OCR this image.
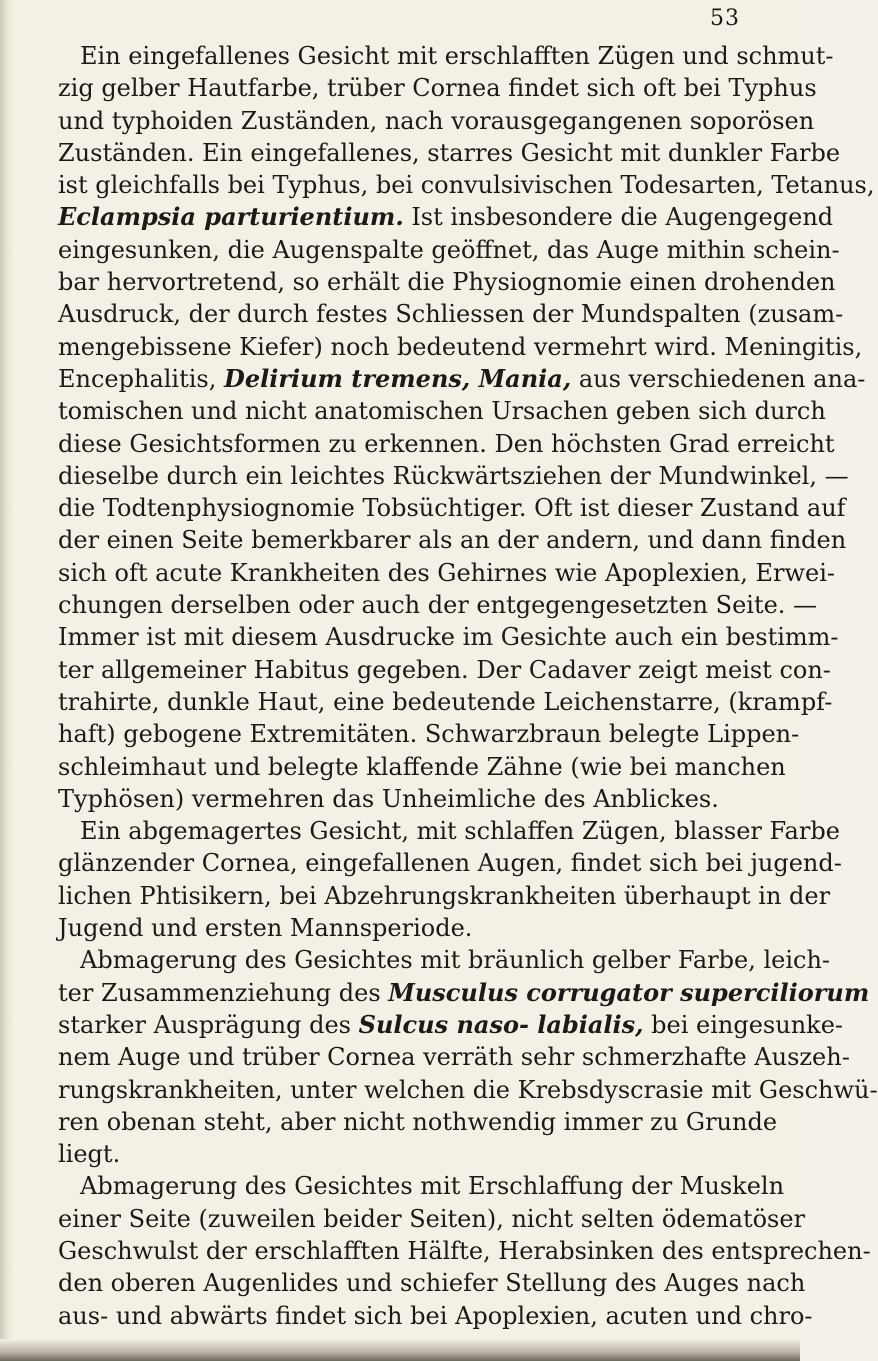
53
Ein eingefallenes Gesicht mit erschlafften Zügen und schmut-
zig gelber Hautfarbe, trüber Cornea findet sich oft bei Typhus
und typhoiden Zuständen, nach vorausgegangenen soporösen
Zuständen. Ein eingefallenes, starres Gesicht mit dunkler Farbe
ist gleichfalls bei Typhus, bei convulsivischen Todesarten, Tetanus,
Eclampsia parturientium. Ist insbesondere die Augengegend
eingesunken, die Augenspalte geöffnet, das Auge mithin schein-
bar hervortretend, so erhält die Physiognomie einen drohenden
Ausdruck, der durch festes Schliessen der Mundspalten (zusam-
mengebissene Kiefer) noch bedeutend vermehrt wird. Meningitis,
Encephalitis, Delirium tremens, Mania, aus verschiedenen ana-
tomischen und nicht anatomischen Ursachen geben sich durch
diese Gesichtsformen zu erkennen. Den höchsten Grad erreicht
dieselbe durch ein leichtes Rückwärtsziehen der Mundwinkel, —
die Todtenphysiognomie Tobsüchtiger. Oft ist dieser Zustand auf
der einen Seite bemerkbarer als an der andern, und dann finden
sich oft acute Krankheiten des Gehirnes wie Apoplexien, Erwei-
chungen derselben oder auch der entgegengesetzten Seite. —
Immer ist mit diesem Ausdrucke im Gesichte auch ein bestimm-
ter allgemeiner Habitus gegeben. Der Cadaver zeigt meist con-
trahirte, dunkle Haut, eine bedeutende Leichenstarre, (krampf-
haft) gebogene Extremitäten. Schwarzbraun belegte Lippen-
schleimhaut und belegte klaffende Zähne (wie bei manchen
Typhösen) vermehren das Unheimliche des Anblickes.
Ein abgemagertes Gesicht, mit schlaffen Zügen, blasser Farbe
glänzender Cornea, eingefallenen Augen, findet sich bei jugend-
lichen Phtisikern, bei Abzehrungskrankheiten überhaupt in der
Jugend und ersten Mannsperiode.
Abmagerung des Gesichtes mit bräunlich gelber Farbe, leich-
ter Zusammenziehung des Musculus corrugator superciliorum
starker Ausprägung des Sulcus naso- labialis, bei eingesunke-
nem Auge und trüber Cornea verräth sehr schmerzhafte Auszeh-
rungskrankheiten, unter welchen die Krebsdyscrasie mit Geschwü-
ren obenan steht, aber nicht nothwendig immer zu Grunde
liegt.
Abmagerung des Gesichtes mit Erschlaffung der Muskeln
einer Seite (zuweilen beider Seiten), nicht selten ödematöser
Geschwulst der erschlafften Hälfte, Herabsinken des entsprechen-
den oberen Augenlides und schiefer Stellung des Auges nach
aus- und abwärts findet sich bei Apoplexien, acuten und chro-
